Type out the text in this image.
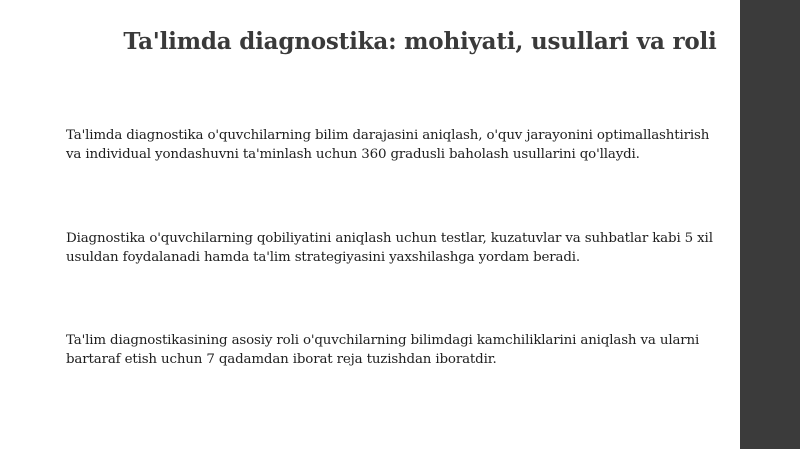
Ta'limda diagnostika: mohiyati, usullari va roli
Ta'limda diagnostika o'quvchilarning bilim darajasini aniqlash, o'quv jarayonini optimallashtirish va individual yondashuvni ta'minlash uchun 360 gradusli baholash usullarini qo'llaydi.
Diagnostika o'quvchilarning qobiliyatini aniqlash uchun testlar, kuzatuvlar va suhbatlar kabi 5 xil usuldan foydalanadi hamda ta'lim strategiyasini yaxshilashga yordam beradi.
Ta'lim diagnostikasining asosiy roli o'quvchilarning bilimdagi kamchiliklarini aniqlash va ularni bartaraf etish uchun 7 qadamdan iborat reja tuzishdan iboratdir.
